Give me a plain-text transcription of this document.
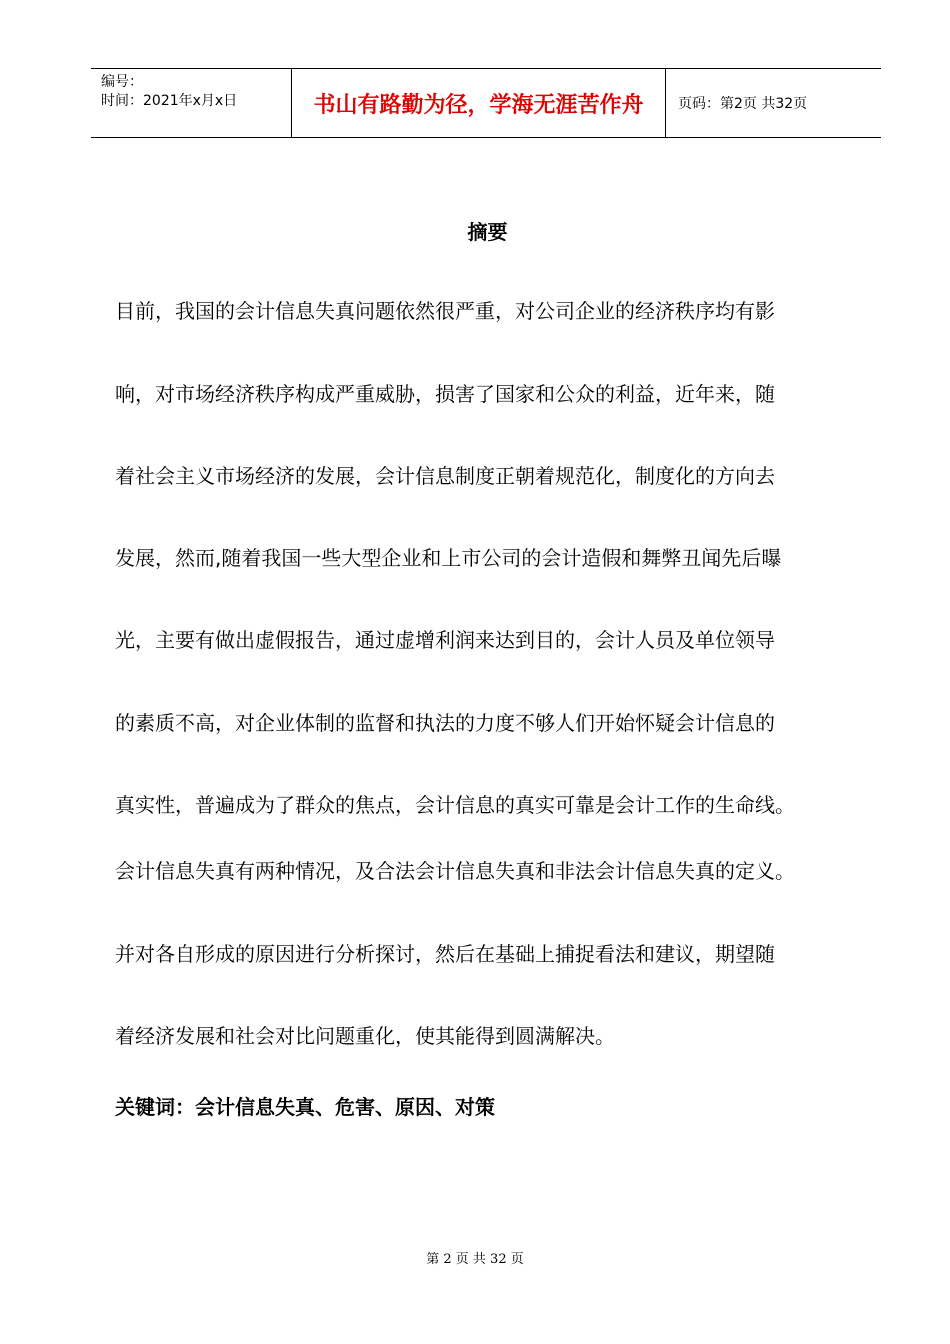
编号：
时间：2021年x月x日	书山有路勤为径，学海无涯苦作舟	页码：第2页 共32页
摘要
目前，我国的会计信息失真问题依然很严重，对公司企业的经济秩序均有影
响，对市场经济秩序构成严重威胁，损害了国家和公众的利益，近年来，随
着社会主义市场经济的发展，会计信息制度正朝着规范化，制度化的方向去
发展，然而,随着我国一些大型企业和上市公司的会计造假和舞弊丑闻先后曝
光，主要有做出虚假报告，通过虚增利润来达到目的，会计人员及单位领导
的素质不高，对企业体制的监督和执法的力度不够人们开始怀疑会计信息的
真实性，普遍成为了群众的焦点，会计信息的真实可靠是会计工作的生命线。
会计信息失真有两种情况，及合法会计信息失真和非法会计信息失真的定义。
并对各自形成的原因进行分析探讨，然后在基础上捕捉看法和建议，期望随
着经济发展和社会对比问题重化，使其能得到圆满解决。
关键词：会计信息失真、危害、原因、对策
第 2 页 共 32 页
